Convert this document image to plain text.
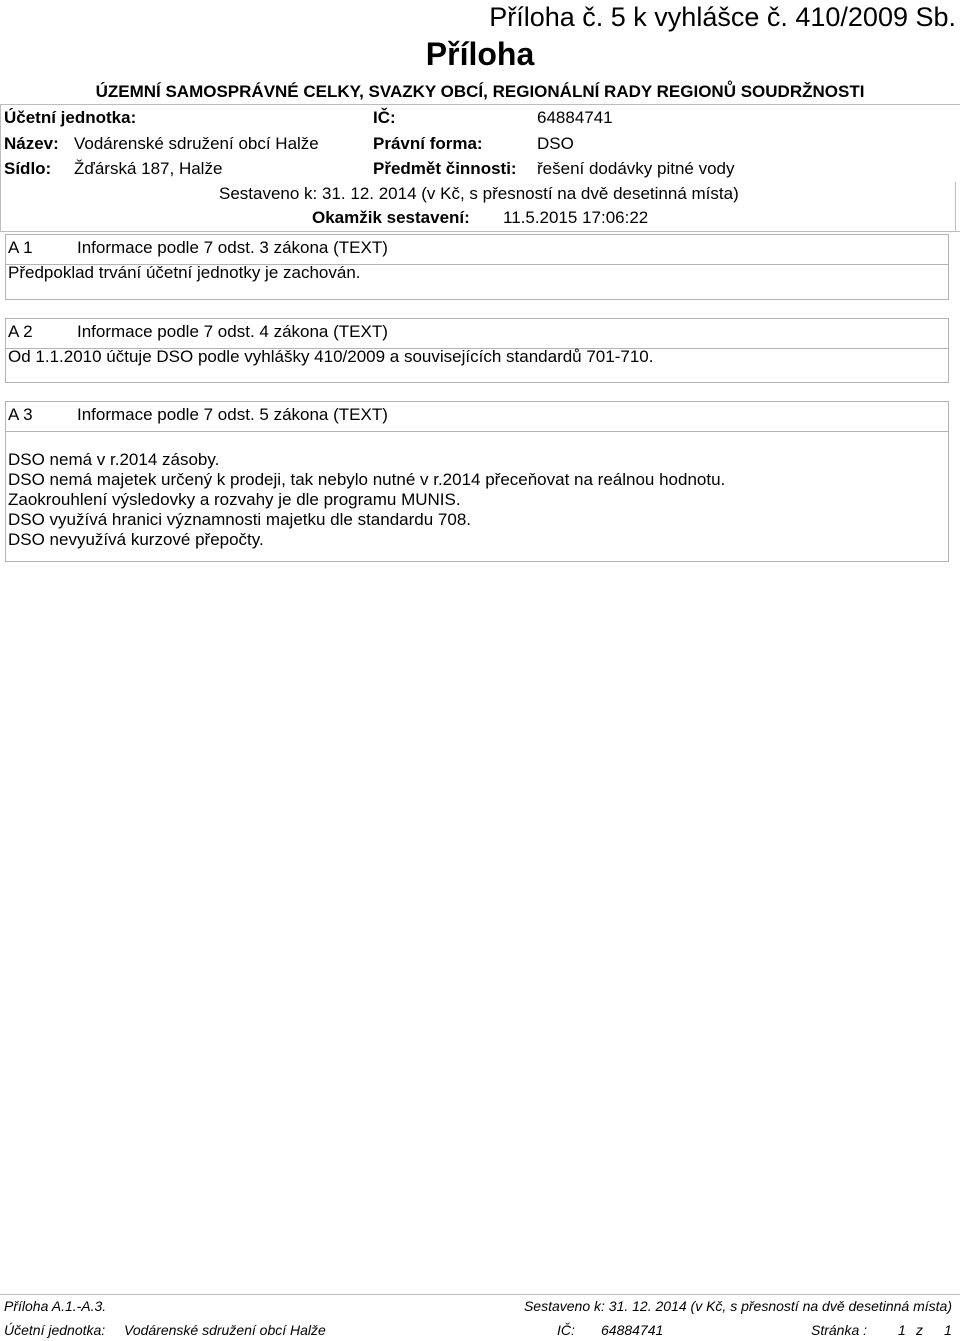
Příloha č. 5 k vyhlášce č. 410/2009 Sb.
Příloha
ÚZEMNÍ SAMOSPRÁVNÉ CELKY, SVAZKY OBCÍ, REGIONÁLNÍ RADY REGIONŮ SOUDRŽNOSTI
Účetní jednotka:	IČ:	64884741
Název: Vodárenské sdružení obcí Halže	Právní forma:	DSO
Sídlo: Žďárská 187, Halže	Předmět činnosti: řešení dodávky pitné vody
Sestaveno k: 31. 12. 2014 (v Kč, s přesností na dvě desetinná místa)
Okamžik sestavení: 11.5.2015 17:06:22
A 1	Informace podle 7 odst. 3 zákona (TEXT)
Předpoklad trvání účetní jednotky je zachován.
A 2	Informace podle 7 odst. 4 zákona (TEXT)
Od 1.1.2010 účtuje DSO podle vyhlášky 410/2009 a souvisejících standardů 701-710.
A 3	Informace podle 7 odst. 5 zákona (TEXT)
DSO nemá v r.2014 zásoby.
DSO nemá majetek určený k prodeji, tak nebylo nutné v r.2014 přeceňovat na reálnou hodnotu.
Zaokrouhlení výsledovky a rozvahy je dle programu MUNIS.
DSO využívá hranici významnosti majetku dle standardu 708.
DSO nevyužívá kurzové přepočty.
Příloha A.1.-A.3.	Sestaveno k: 31. 12. 2014 (v Kč, s přesností na dvě desetinná místa)
Účetní jednotka: Vodárenské sdružení obcí Halže	IČ: 64884741	Stránka : 1 z 1
